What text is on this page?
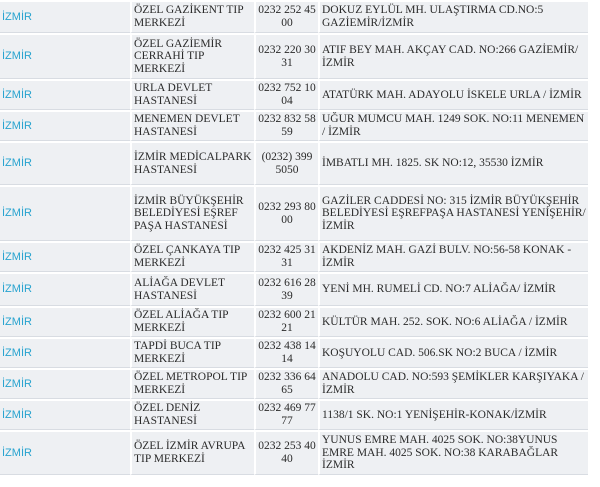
İZMİR	ÖZEL GAZİKENT TIP MERKEZİ	0232 252 45 00	DOKUZ EYLÜL MH. ULAŞTIRMA CD.NO:5 GAZİEMİR/İZMİR
İZMİR	ÖZEL GAZİEMİR CERRAHİ TIP MERKEZİ	0232 220 30 31	ATIF BEY MAH. AKÇAY CAD. NO:266 GAZİEMİR/İZMİR
İZMİR	URLA DEVLET HASTANESİ	0232 752 10 04	ATATÜRK MAH. ADAYOLU İSKELE URLA / İZMİR
İZMİR	MENEMEN DEVLET HASTANESİ	0232 832 58 59	UĞUR MUMCU MAH. 1249 SOK. NO:11 MENEMEN / İZMİR
İZMİR	İZMİR MEDİCALPARK HASTANESİ	(0232) 399 5050	İMBATLI MH. 1825. SK NO:12, 35530 İZMİR
İZMİR	İZMİR BÜYÜKŞEHİR BELEDİYESİ EŞREF PAŞA HASTANESİ	0232 293 80 00	GAZİLER CADDESİ NO: 315 İZMİR BÜYÜKŞEHİR BELEDİYESİ EŞREFPAŞA HASTANESİ YENİŞEHİR/İZMİR
İZMİR	ÖZEL ÇANKAYA TIP MERKEZİ	0232 425 31 31	AKDENİZ MAH. GAZİ BULV. NO:56-58 KONAK - İZMİR
İZMİR	ALİAĞA DEVLET HASTANESİ	0232 616 28 39	YENİ MH. RUMELİ CD. NO:7 ALİAĞA/ İZMİR
İZMİR	ÖZEL ALİAĞA TIP MERKEZİ	0232 600 21 21	KÜLTÜR MAH. 252. SOK. NO:6 ALİAĞA / İZMİR
İZMİR	TAPDİ BUCA TIP MERKEZİ	0232 438 14 14	KOŞUYOLU CAD. 506.SK NO:2 BUCA / İZMİR
İZMİR	ÖZEL METROPOL TIP MERKEZİ	0232 336 64 65	ANADOLU CAD. NO:593 ŞEMİKLER KARŞIYAKA / İZMİR
İZMİR	ÖZEL DENİZ HASTANESİ	0232 469 77 77	1138/1 SK. NO:1 YENİŞEHİR-KONAK/İZMİR
İZMİR	ÖZEL İZMİR AVRUPA TIP MERKEZİ	0232 253 40 40	YUNUS EMRE MAH. 4025 SOK. NO:38YUNUS EMRE MAH. 4025 SOK. NO:38 KARABAĞLAR İZMİR
